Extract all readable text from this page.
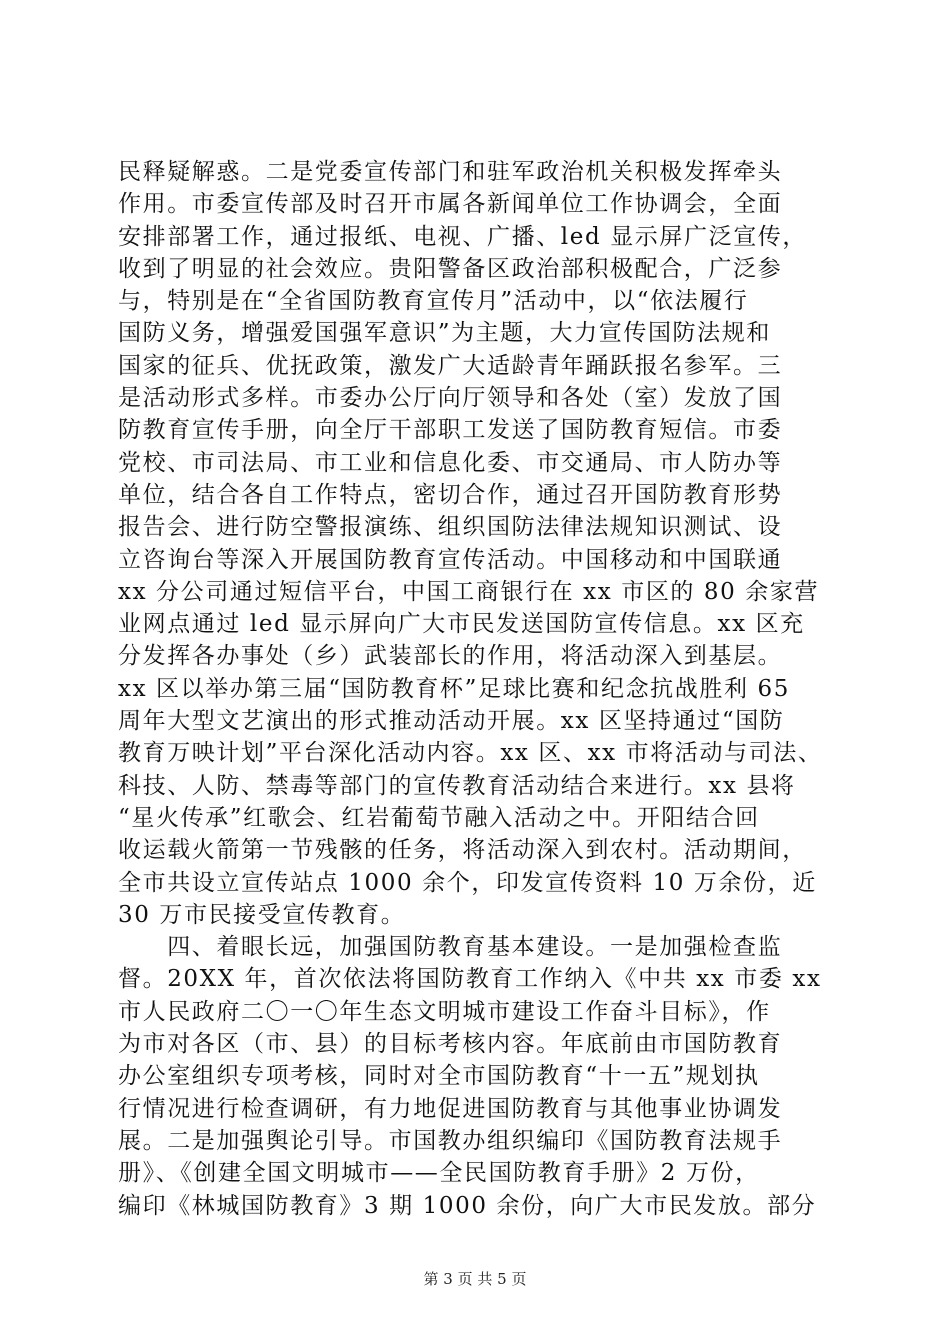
民释疑解惑。二是党委宣传部门和驻军政治机关积极发挥牵头
作用。市委宣传部及时召开市属各新闻单位工作协调会，全面
安排部署工作，通过报纸、电视、广播、led 显示屏广泛宣传，
收到了明显的社会效应。贵阳警备区政治部积极配合，广泛参
与，特别是在“全省国防教育宣传月”活动中，以“依法履行
国防义务，增强爱国强军意识”为主题，大力宣传国防法规和
国家的征兵、优抚政策，激发广大适龄青年踊跃报名参军。三
是活动形式多样。市委办公厅向厅领导和各处（室）发放了国
防教育宣传手册，向全厅干部职工发送了国防教育短信。市委
党校、市司法局、市工业和信息化委、市交通局、市人防办等
单位，结合各自工作特点，密切合作，通过召开国防教育形势
报告会、进行防空警报演练、组织国防法律法规知识测试、设
立咨询台等深入开展国防教育宣传活动。中国移动和中国联通
xx 分公司通过短信平台，中国工商银行在 xx 市区的 80 余家营
业网点通过 led 显示屏向广大市民发送国防宣传信息。xx 区充
分发挥各办事处（乡）武装部长的作用，将活动深入到基层。
xx 区以举办第三届“国防教育杯”足球比赛和纪念抗战胜利 65
周年大型文艺演出的形式推动活动开展。xx 区坚持通过“国防
教育万映计划”平台深化活动内容。xx 区、xx 市将活动与司法、
科技、人防、禁毒等部门的宣传教育活动结合来进行。xx 县将
“星火传承”红歌会、红岩葡萄节融入活动之中。开阳结合回
收运载火箭第一节残骸的任务，将活动深入到农村。活动期间，
全市共设立宣传站点 1000 余个，印发宣传资料 10 万余份，近
30 万市民接受宣传教育。
　　四、着眼长远，加强国防教育基本建设。一是加强检查监
督。20XX 年，首次依法将国防教育工作纳入《中共 xx 市委 xx
市人民政府二〇一〇年生态文明城市建设工作奋斗目标》，作
为市对各区（市、县）的目标考核内容。年底前由市国防教育
办公室组织专项考核，同时对全市国防教育“十一五”规划执
行情况进行检查调研，有力地促进国防教育与其他事业协调发
展。二是加强舆论引导。市国教办组织编印《国防教育法规手
册》、《创建全国文明城市——全民国防教育手册》2 万份，
编印《林城国防教育》3 期 1000 余份，向广大市民发放。部分
第 3 页 共 5 页
